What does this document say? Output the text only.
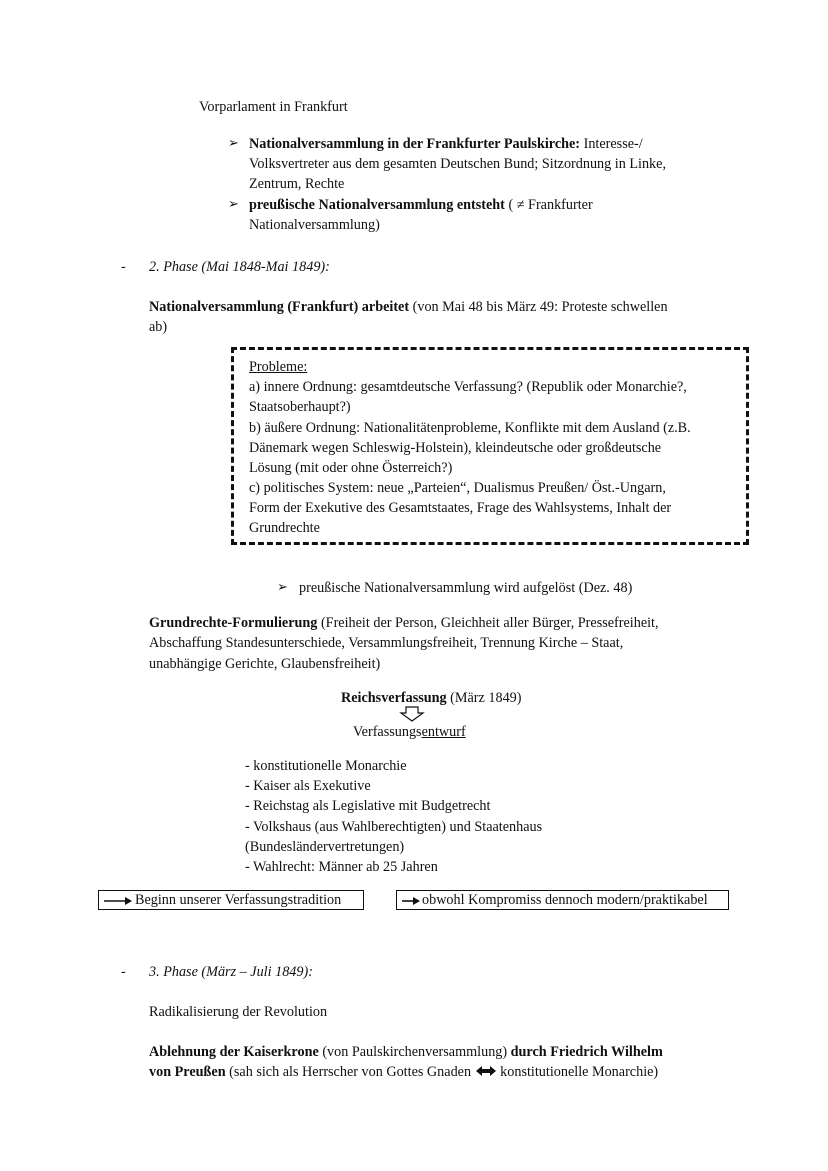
Vorparlament in Frankfurt
➢ Nationalversammlung in der Frankfurter Paulskirche: Interesse-/
Volksvertreter aus dem gesamten Deutschen Bund; Sitzordnung in Linke,
Zentrum, Rechte
➢ preußische Nationalversammlung entsteht ( ≠ Frankfurter
Nationalversammlung)
- 2. Phase (Mai 1848-Mai 1849):
Nationalversammlung (Frankfurt) arbeitet (von Mai 48 bis März 49: Proteste schwellen
ab)
Probleme:
a) innere Ordnung: gesamtdeutsche Verfassung? (Republik oder Monarchie?,
Staatsoberhaupt?)
b) äußere Ordnung: Nationalitätenprobleme, Konflikte mit dem Ausland (z.B.
Dänemark wegen Schleswig-Holstein), kleindeutsche oder großdeutsche
Lösung (mit oder ohne Österreich?)
c) politisches System: neue „Parteien“, Dualismus Preußen/ Öst.-Ungarn,
Form der Exekutive des Gesamtstaates, Frage des Wahlsystems, Inhalt der
Grundrechte
➢ preußische Nationalversammlung wird aufgelöst (Dez. 48)
Grundrechte-Formulierung (Freiheit der Person, Gleichheit aller Bürger, Pressefreiheit,
Abschaffung Standesunterschiede, Versammlungsfreiheit, Trennung Kirche – Staat,
unabhängige Gerichte, Glaubensfreiheit)
Reichsverfassung (März 1849)
Verfassungsentwurf
- konstitutionelle Monarchie
- Kaiser als Exekutive
- Reichstag als Legislative mit Budgetrecht
- Volkshaus (aus Wahlberechtigten) und Staatenhaus
(Bundesländervertretungen)
- Wahlrecht: Männer ab 25 Jahren
Beginn unserer Verfassungstradition	obwohl Kompromiss dennoch modern/praktikabel
- 3. Phase (März – Juli 1849):
Radikalisierung der Revolution
Ablehnung der Kaiserkrone (von Paulskirchenversammlung) durch Friedrich Wilhelm
von Preußen (sah sich als Herrscher von Gottes Gnaden  konstitutionelle Monarchie)
